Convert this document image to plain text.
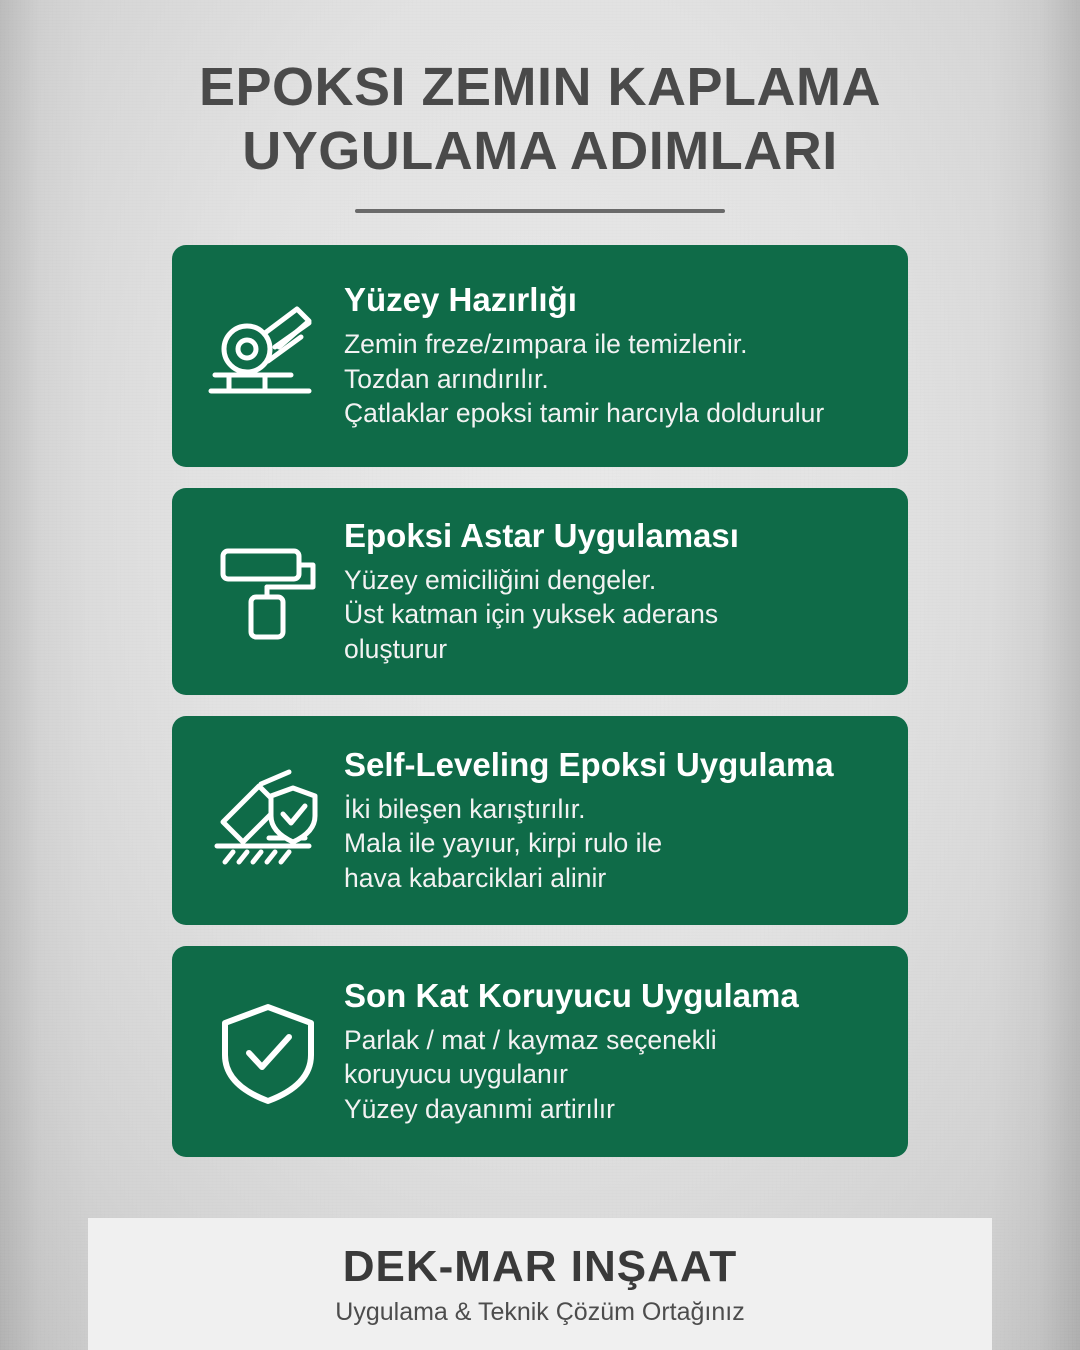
EPOKSI ZEMIN KAPLAMA
UYGULAMA ADIMLARI
Yüzey Hazırlığı
Zemin freze/zımpara ile temizlenir.
Tozdan arındırılır.
Çatlaklar epoksi tamir harcıyla doldurulur
Epoksi Astar Uygulaması
Yüzey emiciliğini dengeler.
Üst katman için yuksek aderans
oluşturur
Self-Leveling Epoksi Uygulama
İki bileşen karıştırılır.
Mala ile yayıur, kirpi rulo ile
hava kabarciklari alinir
Son Kat Koruyucu Uygulama
Parlak / mat / kaymaz seçenekli
koruyucu uygulanır
Yüzey dayanımi artirılır
DEK-MAR INŞAAT
Uygulama & Teknik Çözüm Ortağınız
